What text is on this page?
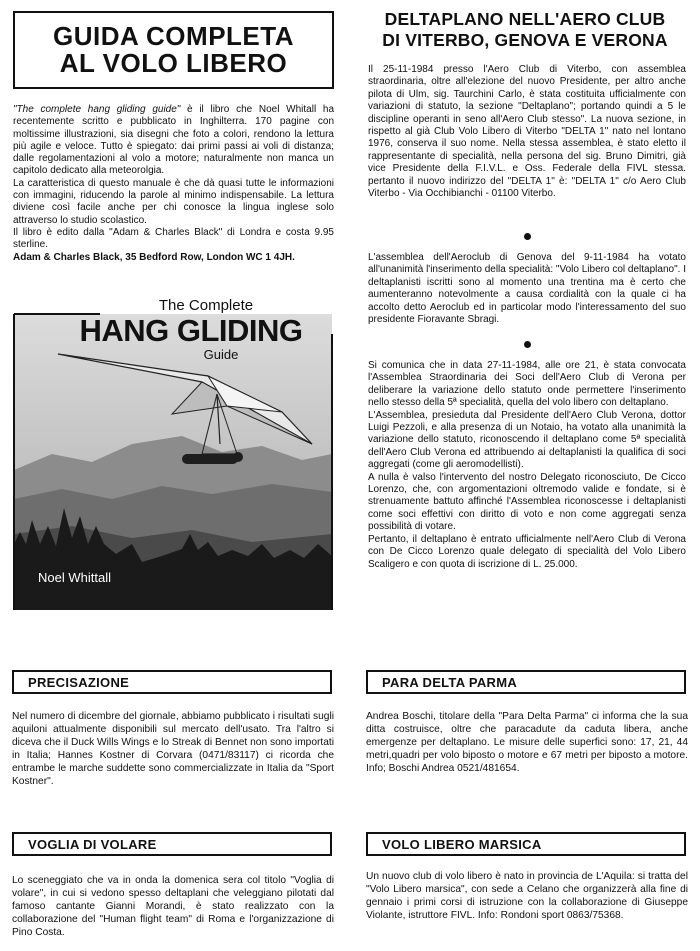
GUIDA COMPLETA
AL VOLO LIBERO
"The complete hang gliding guide" è il libro che Noel Whitall ha recentemente scritto e pubblicato in Inghilterra. 170 pagine con moltissime illustrazioni, sia disegni che foto a colori, rendono la lettura più agile e veloce. Tutto è spiegato: dai primi passi ai voli di distanza; dalle regolamentazioni al volo a motore; naturalmente non manca un capitolo dedicato alla meteorolgia.
La caratteristica di questo manuale è che dà quasi tutte le informazioni con immagini, riducendo la parole al minimo indispensabile. La lettura diviene così facile anche per chi conosce la lingua inglese solo attraverso lo studio scolastico.
Il libro è edito dalla "Adam & Charles Black" di Londra e costa 9.95 sterline.
Adam & Charles Black, 35 Bedford Row, London WC 1 4JH.
The Complete
HANG GLIDING
Guide
Noel Whittall
DELTAPLANO NELL'AERO CLUB
DI VITERBO, GENOVA E VERONA
Il 25-11-1984 presso l'Aero Club di Viterbo, con assemblea straordinaria, oltre all'elezione del nuovo Presidente, per altro anche pilota di Ulm, sig. Taurchini Carlo, è stata costituita ufficialmente con variazioni di statuto, la sezione "Deltaplano"; portando quindi a 5 le discipline operanti in seno all'Aero Club stesso". La nuova sezione, in rispetto al già Club Volo Libero di Viterbo "DELTA 1" nato nel lontano 1976, conserva il suo nome. Nella stessa assemblea, è stato eletto il rappresentante di specialità, nella persona del sig. Bruno Dimitri, già vice Presidente della F.I.V.L. e Oss. Federale della FIVL stessa. pertanto il nuovo indirizzo del "DELTA 1" è: "DELTA 1" c/o Aero Club Viterbo - Via Occhibianchi - 01100 Viterbo.
L'assemblea dell'Aeroclub di Genova del 9-11-1984 ha votato all'unanimità l'inserimento della specialità: "Volo Libero col deltaplano". I deltaplanisti iscritti sono al momento una trentina ma è certo che aumenteranno notevolmente a causa cordialità con la quale ci ha accolto detto Aeroclub ed in particolar modo l'interessamento del suo presidente Fioravante Sbragi.
Si comunica che in data 27-11-1984, alle ore 21, è stata convocata l'Assemblea Straordinaria dei Soci dell'Aero Club di Verona per deliberare la variazione dello statuto onde permettere l'inserimento nello stesso della 5ª specialità, quella del volo libero con deltaplano.
L'Assemblea, presieduta dal Presidente dell'Aero Club Verona, dottor Luigi Pezzoli, e alla presenza di un Notaio, ha votato alla unanimità la variazione dello statuto, riconoscendo il deltaplano come 5ª specialità dell'Aero Club Verona ed attribuendo ai deltaplanisti la qualifica di soci aggregati (come gli aeromodellisti).
A nulla è valso l'intervento del nostro Delegato riconosciuto, De Cicco Lorenzo, che, con argomentazioni oltremodo valide e fondate, si è strenuamente battuto affinché l'Assemblea riconoscesse i deltaplanisti come soci effettivi con diritto di voto e non come aggregati senza possibilità di votare.
Pertanto, il deltaplano è entrato ufficialmente nell'Aero Club di Verona con De Cicco Lorenzo quale delegato di specialità del Volo Libero Scaligero e con quota di iscrizione di L. 25.000.
PRECISAZIONE
Nel numero di dicembre del giornale, abbiamo pubblicato i risultati sugli aquiloni attualmente disponibili sul mercato dell'usato. Tra l'altro si diceva che il Duck Wills Wings e lo Streak di Bennet non sono importati in Italia; Hannes Kostner di Corvara (0471/83117) ci ricorda che entrambe le marche suddette sono commercializzate in Italia da "Sport Kostner".
VOGLIA DI VOLARE
Lo sceneggiato che va in onda la domenica sera col titolo "Voglia di volare", in cui si vedono spesso deltaplani che veleggiano pilotati dal famoso cantante Gianni Morandi, è stato realizzato con la collaborazione del "Human flight team" di Roma e l'organizzazione di Pino Costa.
PARA DELTA PARMA
Andrea Boschi, titolare della "Para Delta Parma" ci informa che la sua ditta costruisce, oltre che paracadute da caduta libera, anche emergenze per deltaplano. Le misure delle superfici sono: 17, 21, 44 metri,quadri per volo biposto o motore e 67 metri per biposto a motore. Info; Boschi Andrea 0521/481654.
VOLO LIBERO MARSICA
Un nuovo club di volo libero è nato in provincia de L'Aquila: si tratta del "Volo Libero marsica", con sede a Celano che organizzerà alla fine di gennaio i primi corsi di istruzione con la collaborazione di Giuseppe Violante, istruttore FIVL. Info: Rondoni sport 0863/75368.
